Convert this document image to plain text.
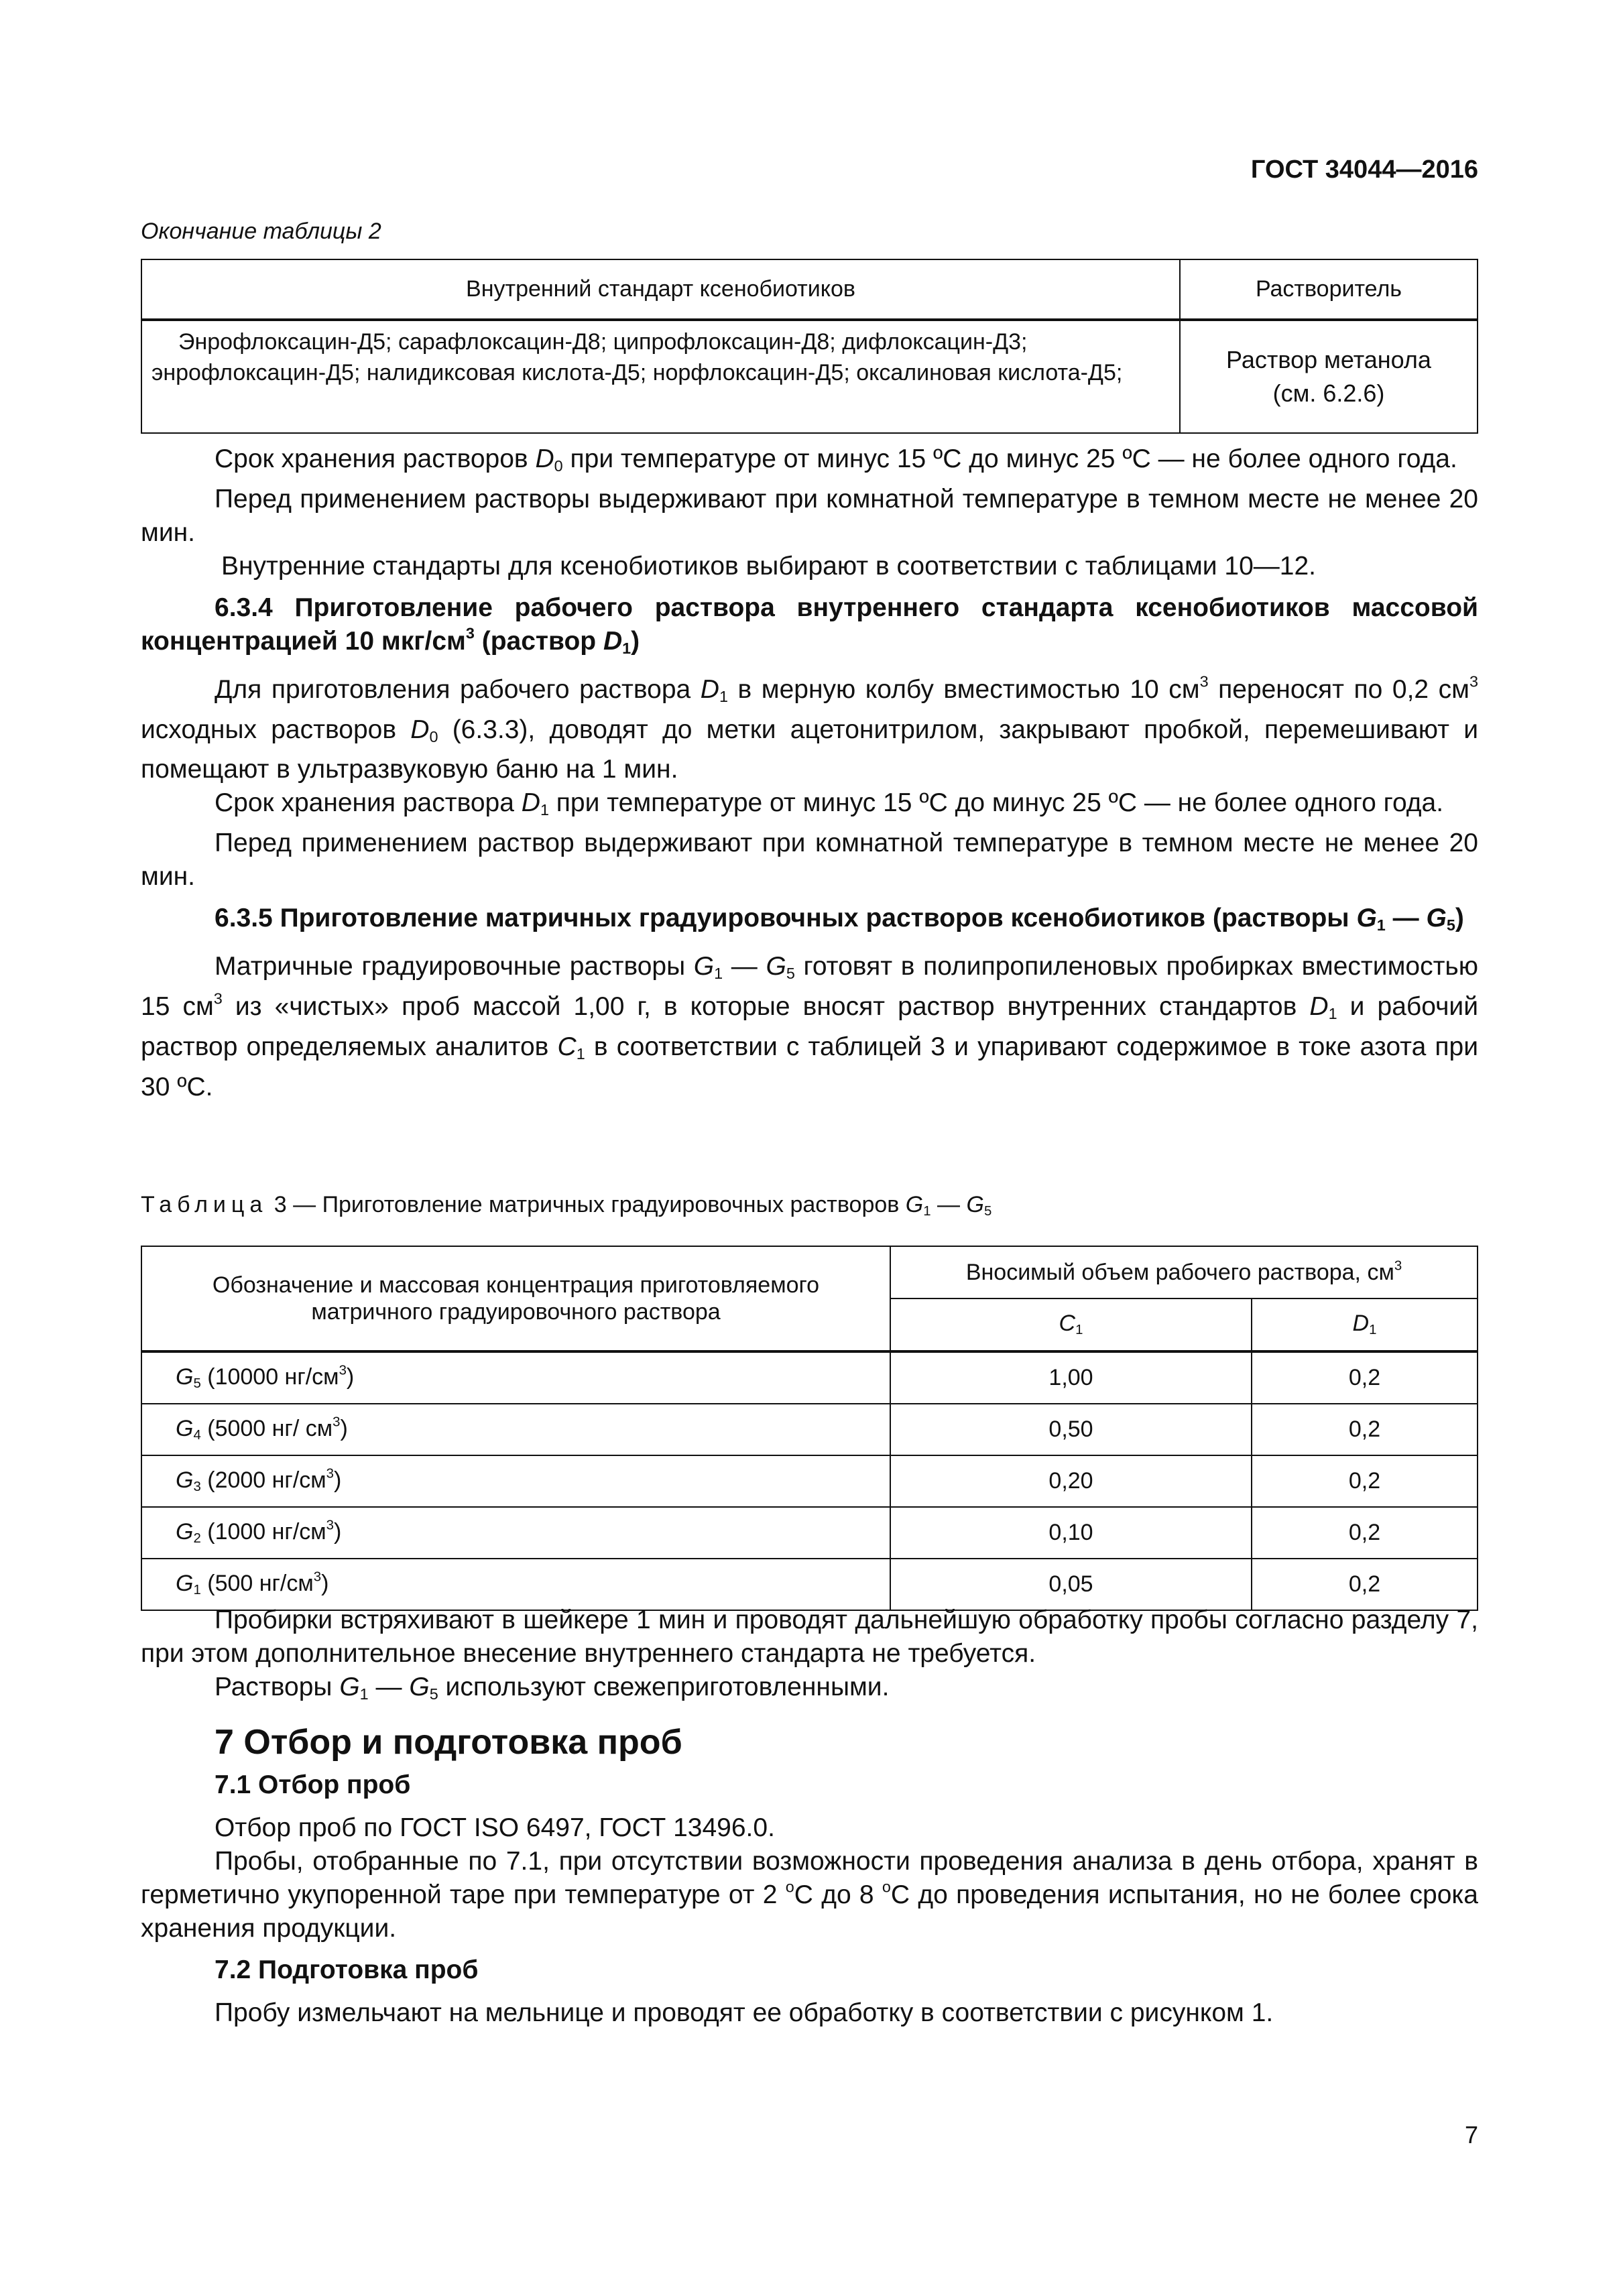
ГОСТ 34044—2016
Окончание таблицы 2
Внутренний стандарт ксенобиотиков	Растворитель

Энрофлоксацин-Д5; сарафлоксацин-Д8; ципрофлоксацин-Д8; дифлоксацин-Д3; энрофлоксацин-Д5; налидиксовая кислота-Д5; норфлоксацин-Д5; оксалиновая кислота-Д5;	Раствор метанола
(см. 6.2.6)

Срок хранения растворов $D_0$ при температуре от минус 15 ºС до минус 25 ºС — не более одного года.

Перед применением растворы выдерживают при комнатной температуре в темном месте не менее 20 мин.

Внутренние стандарты для ксенобиотиков выбирают в соответствии с таблицами 10—12.

6.3.4 Приготовление рабочего раствора внутреннего стандарта ксенобиотиков массовой концентрацией 10 мкг/$см^3$ (раствор $D_1$)

Для приготовления рабочего раствора $D_1$ в мерную колбу вместимостью 10 $см^3$ переносят по 0,2 $см^3$ исходных растворов $D_0$ (6.3.3), доводят до метки ацетонитрилом, закрывают пробкой, перемешивают и помещают в ультразвуковую баню на 1 мин.

Срок хранения раствора $D_1$ при температуре от минус 15 ºС до минус 25 ºС — не более одного года.

Перед применением раствор выдерживают при комнатной температуре в темном месте не менее 20 мин.

6.3.5 Приготовление матричных градуировочных растворов ксенобиотиков (растворы $G_1$ — $G_5$)

Матричные градуировочные растворы $G_1$ — $G_5$ готовят в полипропиленовых пробирках вместимостью 15 $см^3$ из «чистых» проб массой 1,00 г, в которые вносят раствор внутренних стандартов $D_1$ и рабочий раствор определяемых аналитов $С_1$ в соответствии с таблицей 3 и упаривают содержимое в токе азота при 30 ºС.

Таблица 3 — Приготовление матричных градуировочных растворов $G_1$ — $G_5$
Обозначение и массовая концентрация приготовляемого матричного градуировочного раствора	Вносимый объем рабочего раствора, $см^3$
	$С_1$	$D_1$
$G_5$ (10000 $нг/см^3$)	1,00	0,2
$G_4$ (5000 нг/ $см^3$)	0,50	0,2
$G_3$ (2000 $нг/см^3$)	0,20	0,2
$G_2$ (1000 $нг/см^3$)	0,10	0,2
$G_1$ (500 $нг/см^3$)	0,05	0,2

Пробирки встряхивают в шейкере 1 мин и проводят дальнейшую обработку пробы согласно разделу 7, при этом дополнительное внесение внутреннего стандарта не требуется.

Растворы $G_1$ — $G_5$ используют свежеприготовленными.

7 Отбор и подготовка проб

7.1 Отбор проб

Отбор проб по ГОСТ ISO 6497, ГОСТ 13496.0.

Пробы, отобранные по 7.1, при отсутствии возможности проведения анализа в день отбора, хранят в герметично укупоренной таре при температуре от 2 $^о$С до 8 $^о$С до проведения испытания, но не более срока хранения продукции.

7.2 Подготовка проб

Пробу измельчают на мельнице и проводят ее обработку в соответствии с рисунком 1.

7
